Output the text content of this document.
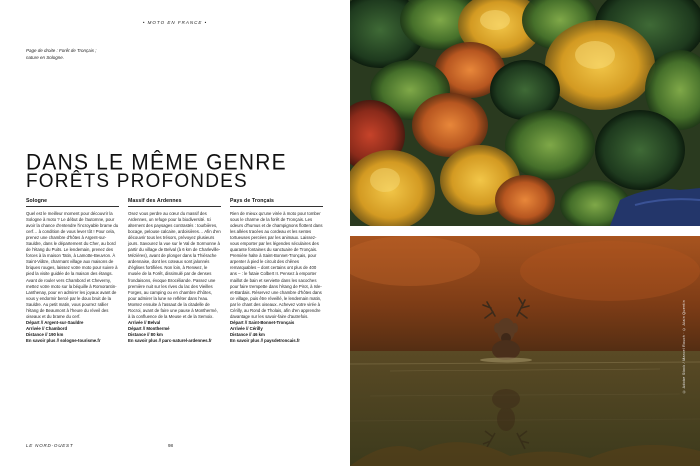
• MOTO EN FRANCE •
Page de droite : Forêt de Tronçais ;
nature en Sologne.
DANS LE MÊME GENRE
FORÊTS PROFONDES
Sologne
Quel est le meilleur moment pour découvrir la Sologne à moto ? Le début de l'automne, pour avoir la chance d'entendre l'incroyable brame du cerf… à condition de vous lever tôt ! Pour cela, prenez une chambre d'hôtes à Argent-sur-Sauldre, dans le département du Cher, au bord de l'étang du Puits. Le lendemain, prenez des forces à la maison Tatin, à Lamotte-Beuvron. À Saint-Viâtre, charmant village aux maisons de briques rouges, laissez votre moto pour suivre à pied la visite guidée de la maison des étangs. Avant de rouler vers Chambord et Cheverny, mettez votre moto sur la béquille à Romorantin-Lanthenay, pour en admirer les joyaux avant de vous y endormir bercé par le doux bruit de la Sauldre. Au petit matin, vous pourrez rallier l'étang de Beaumont à l'heure du réveil des oiseaux et du brame du cerf.
Départ // Argent-sur-Sauldre
Arrivée // Chambord
Distance // 190 km
En savoir plus // sologne-tourisme.fr
Massif des Ardennes
Osez vous perdre au cœur du massif des Ardennes, un refuge pour la biodiversité. Ici alternent des paysages contrastés : tourbières, bocage, pelouse calcaire, ardoisières… Afin d'en découvrir tous les trésors, prévoyez plusieurs jours. Savourez la vue sur le Val de Sormonne à partir du village de Belval (à 6 km de Charleville-Mézières), avant de plonger dans la Thiérache ardennaise, dont les coteaux sont jalonnés d'églises fortifiées. Non loin, à Renwez, le musée de la Forêt, dissimulé par de denses frondaisons, évoque Brocéliande. Passez une première nuit sur les rives du lac des Vieilles Forges, au camping ou en chambre d'hôtes, pour admirer la lune se refléter dans l'eau. Montez ensuite à l'assaut de la citadelle de Rocroi, avant de faire une pause à Monthermé, à la confluence de la Meuse et de la Semoix.
Arrivée // Belval
Départ // Monthermé
Distance // 80 km
En savoir plus // parc-naturel-ardennes.fr
Pays de Tronçais
Rien de mieux qu'une virée à moto pour tomber sous le charme de la forêt de Tronçais. Les odeurs d'humus et de champignons flottent dans les allées tracées au cordeau et les sentes tortueuses percées par les animaux. Laissez-vous emporter par les légendes séculaires des quarante fontaines du sanctuaire de Tronçais. Première halte à Saint-Bonnet-Tronçais, pour arpenter à pied le circuit des chênes remarquables – dont certains ont plus de 400 ans – : le futaie Colbert II. Pensez à emporter maillot de bain et serviette dans les sacoches pour faire trempette dans l'étang de Pirot, à Isle-et-Bardais. Réservez une chambre d'hôtes dans ce village, puis être réveillé, le lendemain matin, par le chant des oiseaux. Achevez votre virée à Cérilly, au Rond de Tholais, afin d'en apprendre davantage sur les savoir-faire d'autrefois.
Départ // Saint-Bonnet-Tronçais
Arrivée // Cérilly
Distance // 46 km
En savoir plus // paysdetroncais.fr
LE NORD-OUEST	98
© Adobe Stock / Marcel Rouch · © Alain Quentin
